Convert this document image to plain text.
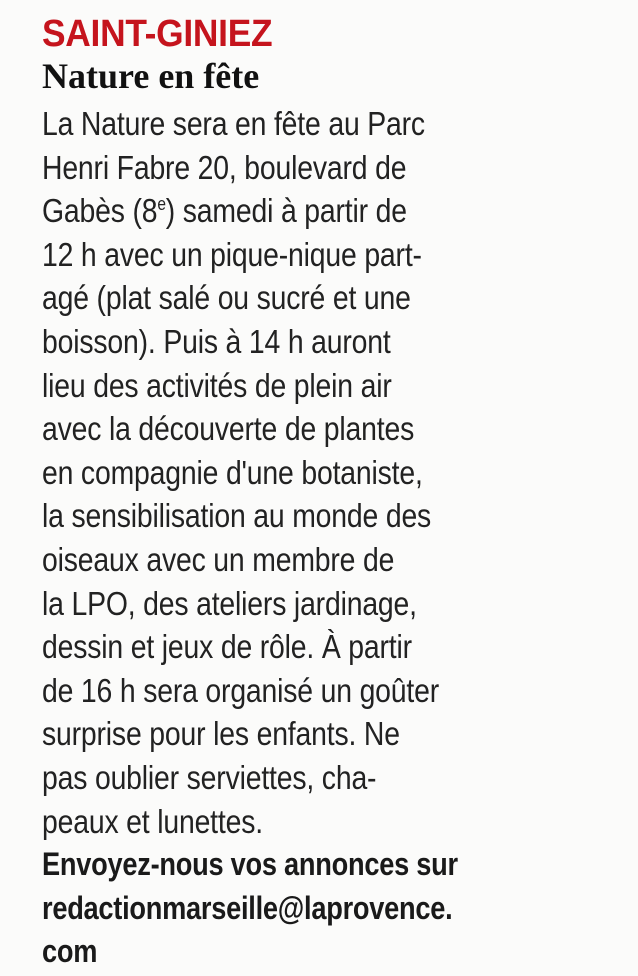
SAINT-GINIEZ
Nature en fête
La Nature sera en fête au Parc
Henri Fabre 20, boulevard de
Gabès (8e) samedi à partir de
12 h avec un pique-nique part-
agé (plat salé ou sucré et une
boisson). Puis à 14 h auront
lieu des activités de plein air
avec la découverte de plantes
en compagnie d'une botaniste,
la sensibilisation au monde des
oiseaux avec un membre de
la LPO, des ateliers jardinage,
dessin et jeux de rôle. À partir
de 16 h sera organisé un goûter
surprise pour les enfants. Ne
pas oublier serviettes, cha-
peaux et lunettes.
Envoyez-nous vos annonces sur
redactionmarseille@laprovence.
com
